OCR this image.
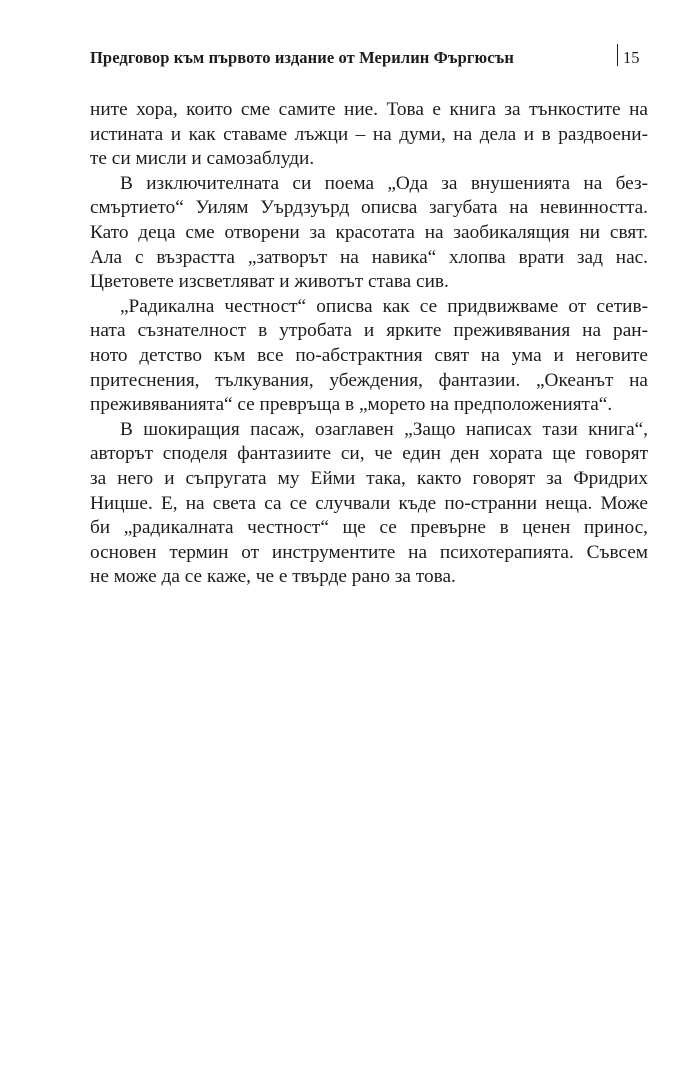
Предговор към първото издание от Мерилин Фъргюсън	15
ните хора, които сме самите ние. Това е книга за тънкостите на
истината и как ставаме лъжци – на думи, на дела и в раздвоени-
те си мисли и самозаблуди.
В изключителната си поема „Ода за внушенията на без-
смъртието“ Уилям Уърдзуърд описва загубата на невинността.
Като деца сме отворени за красотата на заобикалящия ни свят.
Ала с възрастта „затворът на навика“ хлопва врати зад нас.
Цветовете изсветляват и животът става сив.
„Радикална честност“ описва как се придвижваме от сетив-
ната съзнателност в утробата и ярките преживявания на ран-
ното детство към все по-абстрактния свят на ума и неговите
притеснения, тълкувания, убеждения, фантазии. „Океанът на
преживяванията“ се превръща в „морето на предположенията“.
В шокиращия пасаж, озаглавен „Защо написах тази книга“,
авторът споделя фантазиите си, че един ден хората ще говорят
за него и съпругата му Ейми така, както говорят за Фридрих
Ницше. Е, на света са се случвали къде по-странни неща. Може
би „радикалната честност“ ще се превърне в ценен принос,
основен термин от инструментите на психотерапията. Съвсем
не може да се каже, че е твърде рано за това.
